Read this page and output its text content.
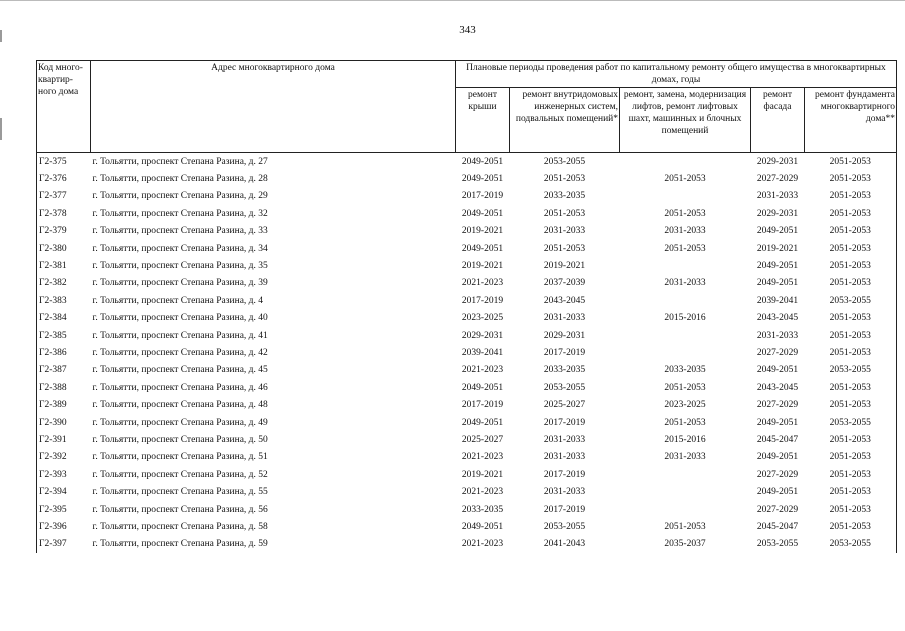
343
Код много-квартир-ного дома	Адрес многоквартирного дома	Плановые периоды проведения работ по капитальному ремонту общего имущества в многоквартирных домах, годы				
		ремонт крыши	ремонт внутридомовых инженерных систем, подвальных помещений*	ремонт, замена, модернизация лифтов, ремонт лифтовых шахт, машинных и блочных помещений	ремонт фасада	ремонт фундамента многоквартирного дома**
Г2-375	г. Тольятти, проспект Степана Разина, д. 27	2049-2051	2053-2055		2029-2031	2051-2053
Г2-376	г. Тольятти, проспект Степана Разина, д. 28	2049-2051	2051-2053	2051-2053	2027-2029	2051-2053
Г2-377	г. Тольятти, проспект Степана Разина, д. 29	2017-2019	2033-2035		2031-2033	2051-2053
Г2-378	г. Тольятти, проспект Степана Разина, д. 32	2049-2051	2051-2053	2051-2053	2029-2031	2051-2053
Г2-379	г. Тольятти, проспект Степана Разина, д. 33	2019-2021	2031-2033	2031-2033	2049-2051	2051-2053
Г2-380	г. Тольятти, проспект Степана Разина, д. 34	2049-2051	2051-2053	2051-2053	2019-2021	2051-2053
Г2-381	г. Тольятти, проспект Степана Разина, д. 35	2019-2021	2019-2021		2049-2051	2051-2053
Г2-382	г. Тольятти, проспект Степана Разина, д. 39	2021-2023	2037-2039	2031-2033	2049-2051	2051-2053
Г2-383	г. Тольятти, проспект Степана Разина, д. 4	2017-2019	2043-2045		2039-2041	2053-2055
Г2-384	г. Тольятти, проспект Степана Разина, д. 40	2023-2025	2031-2033	2015-2016	2043-2045	2051-2053
Г2-385	г. Тольятти, проспект Степана Разина, д. 41	2029-2031	2029-2031		2031-2033	2051-2053
Г2-386	г. Тольятти, проспект Степана Разина, д. 42	2039-2041	2017-2019		2027-2029	2051-2053
Г2-387	г. Тольятти, проспект Степана Разина, д. 45	2021-2023	2033-2035	2033-2035	2049-2051	2053-2055
Г2-388	г. Тольятти, проспект Степана Разина, д. 46	2049-2051	2053-2055	2051-2053	2043-2045	2051-2053
Г2-389	г. Тольятти, проспект Степана Разина, д. 48	2017-2019	2025-2027	2023-2025	2027-2029	2051-2053
Г2-390	г. Тольятти, проспект Степана Разина, д. 49	2049-2051	2017-2019	2051-2053	2049-2051	2053-2055
Г2-391	г. Тольятти, проспект Степана Разина, д. 50	2025-2027	2031-2033	2015-2016	2045-2047	2051-2053
Г2-392	г. Тольятти, проспект Степана Разина, д. 51	2021-2023	2031-2033	2031-2033	2049-2051	2051-2053
Г2-393	г. Тольятти, проспект Степана Разина, д. 52	2019-2021	2017-2019		2027-2029	2051-2053
Г2-394	г. Тольятти, проспект Степана Разина, д. 55	2021-2023	2031-2033		2049-2051	2051-2053
Г2-395	г. Тольятти, проспект Степана Разина, д. 56	2033-2035	2017-2019		2027-2029	2051-2053
Г2-396	г. Тольятти, проспект Степана Разина, д. 58	2049-2051	2053-2055	2051-2053	2045-2047	2051-2053
Г2-397	г. Тольятти, проспект Степана Разина, д. 59	2021-2023	2041-2043	2035-2037	2053-2055	2053-2055
